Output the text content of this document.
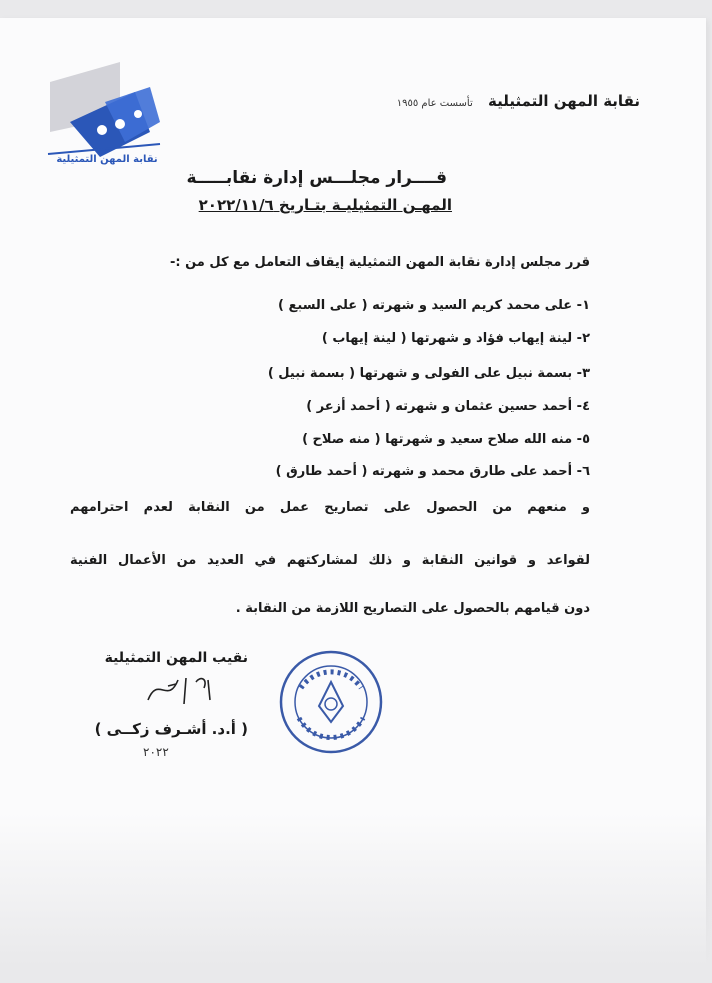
نقابة المهن التمثيلية تأسست عام ١٩٥٥
نقابة المهن التمثيلية
قــــرار مجلـــس إدارة نقابـــــة
المهـن التمثيليـة بتـاريخ ٢٠٢٢/١١/٦
قرر مجلس إدارة نقابة المهن التمثيلية إيقاف التعامل مع كل من :-
١- على محمد كريم السيد و شهرته ( على السبع )
٢- لينة إيهاب فؤاد و شهرتها ( لينة إيهاب )
٣- بسمة نبيل على الفولى و شهرتها ( بسمة نبيل )
٤- أحمد حسين عثمان و شهرته ( أحمد أزعر )
٥- منه الله صلاح سعيد و شهرتها ( منه صلاح )
٦- أحمد على طارق محمد و شهرته ( أحمد طارق )
و منعهم من الحصول على تصاريح عمل من النقابة لعدم احترامهم
لقواعد و قوانين النقابة و ذلك لمشاركتهم في العديد من الأعمال الفنية
دون قيامهم بالحصول على التصاريح اللازمة من النقابة .
نقيب المهن التمثيلية
( أ.د. أشـرف زكــى )
٢٠٢٢
